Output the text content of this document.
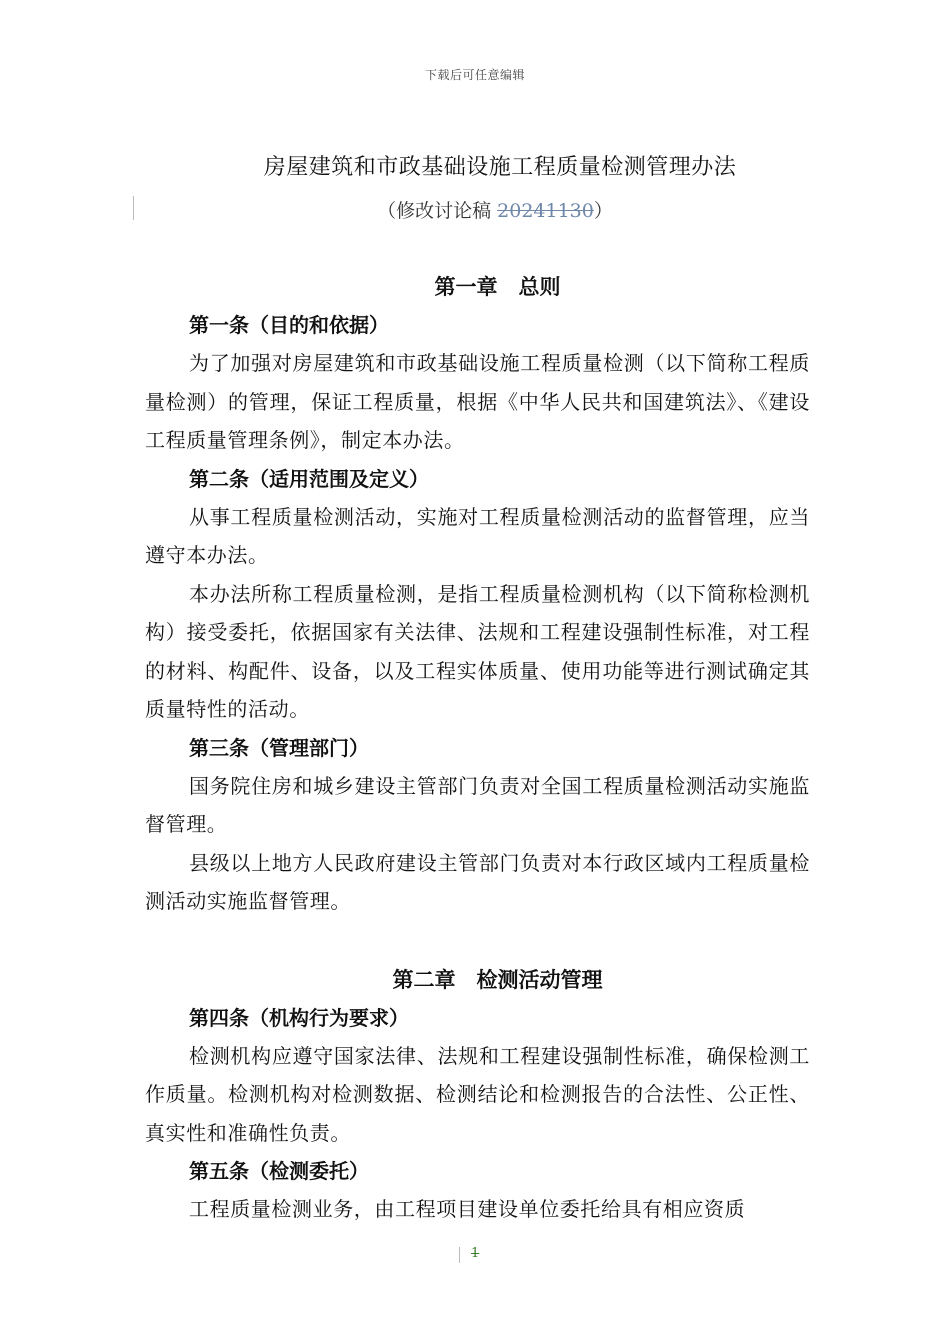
下载后可任意编辑
房屋建筑和市政基础设施工程质量检测管理办法
（修改讨论稿 20241130）
第一章　总则

第一条（目的和依据）

为了加强对房屋建筑和市政基础设施工程质量检测（以下简称工程质量检测）的管理，保证工程质量，根据《中华人民共和国建筑法》、《建设工程质量管理条例》，制定本办法。

第二条（适用范围及定义）

从事工程质量检测活动，实施对工程质量检测活动的监督管理，应当遵守本办法。

本办法所称工程质量检测，是指工程质量检测机构（以下简称检测机构）接受委托，依据国家有关法律、法规和工程建设强制性标准，对工程的材料、构配件、设备，以及工程实体质量、使用功能等进行测试确定其质量特性的活动。

第三条（管理部门）

国务院住房和城乡建设主管部门负责对全国工程质量检测活动实施监督管理。

县级以上地方人民政府建设主管部门负责对本行政区域内工程质量检测活动实施监督管理。

第二章　检测活动管理

第四条（机构行为要求）

检测机构应遵守国家法律、法规和工程建设强制性标准，确保检测工作质量。检测机构对检测数据、检测结论和检测报告的合法性、公正性、真实性和准确性负责。

第五条（检测委托）

工程质量检测业务，由工程项目建设单位委托给具有相应资质

1
